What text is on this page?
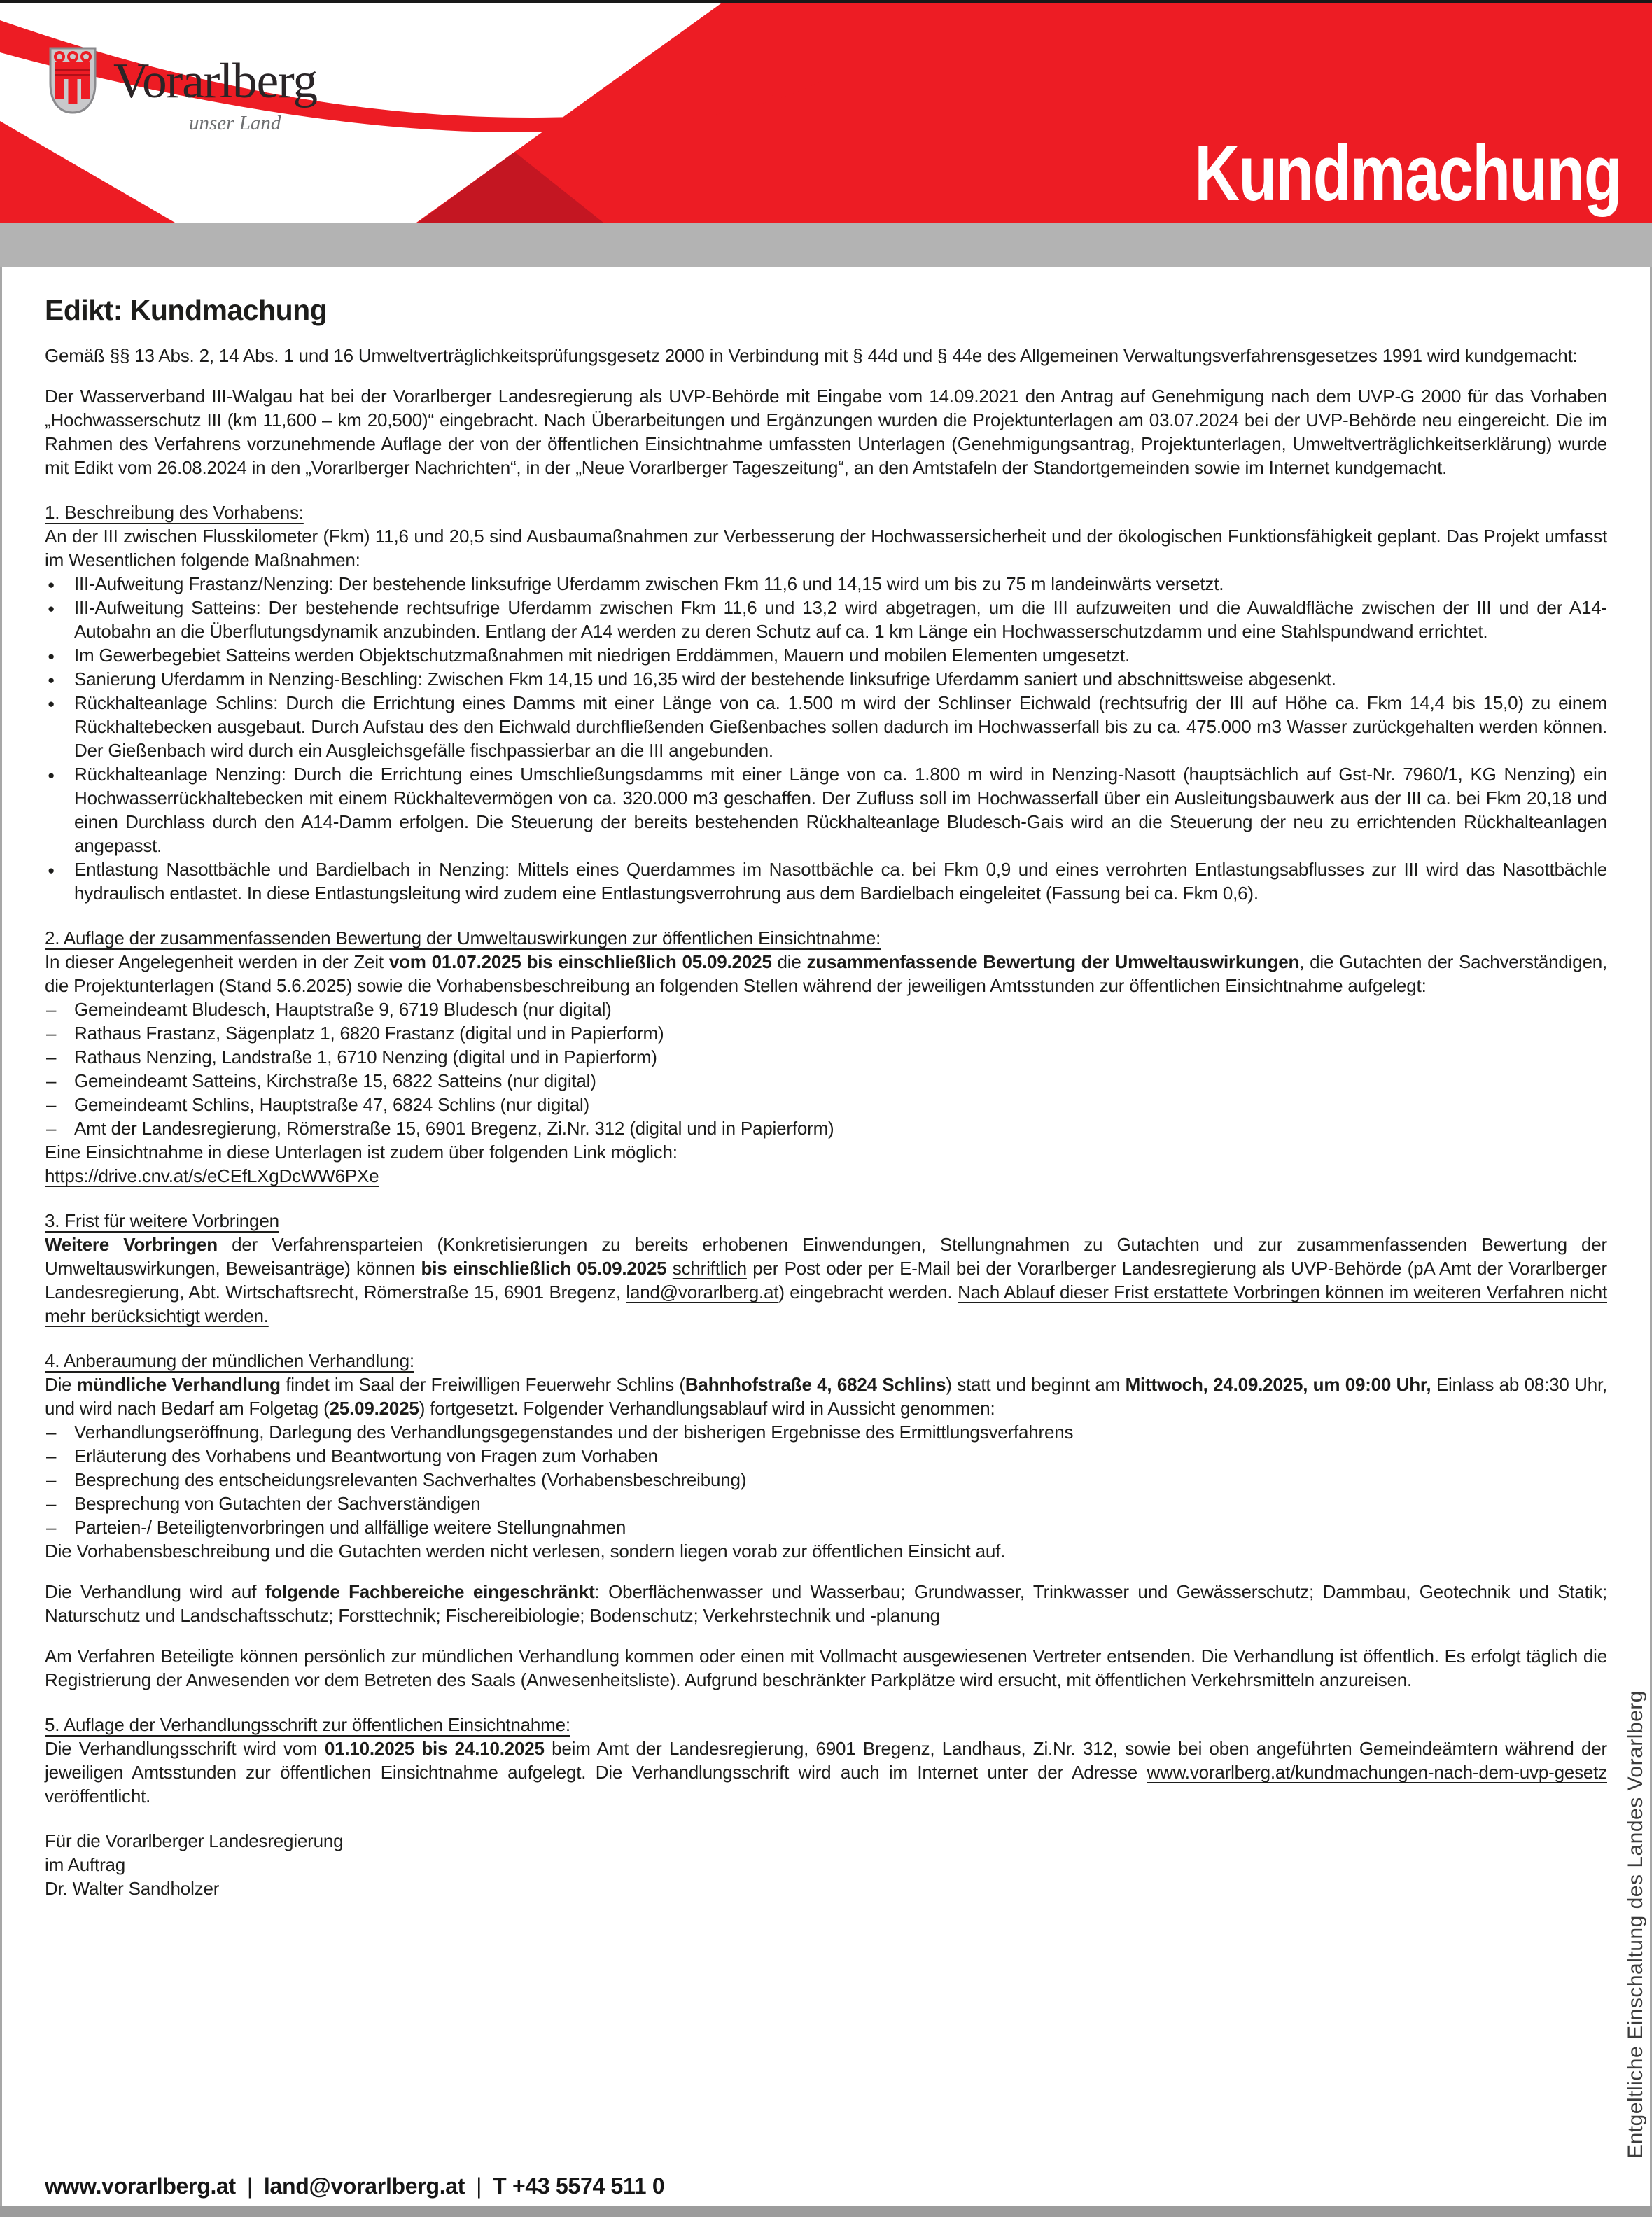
Vorarlberg
unser Land
Kundmachung
Edikt: Kundmachung

Gemäß §§ 13 Abs. 2, 14 Abs. 1 und 16 Umweltverträglichkeitsprüfungsgesetz 2000 in Verbindung mit § 44d und § 44e des Allgemeinen Verwaltungsverfahrensgesetzes 1991 wird kundgemacht:

Der Wasserverband III-Walgau hat bei der Vorarlberger Landesregierung als UVP-Behörde mit Eingabe vom 14.09.2021 den Antrag auf Genehmigung nach dem UVP-G 2000 für das Vorhaben „Hochwasserschutz III (km 11,600 – km 20,500)“ eingebracht. Nach Überarbeitungen und Ergänzungen wurden die Projektunterlagen am 03.07.2024 bei der UVP-Behörde neu eingereicht. Die im Rahmen des Verfahrens vorzunehmende Auflage der von der öffentlichen Einsichtnahme umfassten Unterlagen (Genehmigungsantrag, Projektunterlagen, Umweltverträglichkeitserklärung) wurde mit Edikt vom 26.08.2024 in den „Vorarlberger Nachrichten“, in der „Neue Vorarlberger Tageszeitung“, an den Amtstafeln der Standortgemeinden sowie im Internet kundgemacht.

1. Beschreibung des Vorhabens:

An der III zwischen Flusskilometer (Fkm) 11,6 und 20,5 sind Ausbaumaßnahmen zur Verbesserung der Hochwassersicherheit und der ökologischen Funktionsfähigkeit geplant. Das Projekt umfasst im Wesentlichen folgende Maßnahmen:

● III-Aufweitung Frastanz/Nenzing: Der bestehende linksufrige Uferdamm zwischen Fkm 11,6 und 14,15 wird um bis zu 75 m landeinwärts versetzt.
● III-Aufweitung Satteins: Der bestehende rechtsufrige Uferdamm zwischen Fkm 11,6 und 13,2 wird abgetragen, um die III aufzuweiten und die Auwaldfläche zwischen der III und der A14-Autobahn an die Überflutungsdynamik anzubinden. Entlang der A14 werden zu deren Schutz auf ca. 1 km Länge ein Hochwasserschutzdamm und eine Stahlspundwand errichtet.
● Im Gewerbegebiet Satteins werden Objektschutzmaßnahmen mit niedrigen Erddämmen, Mauern und mobilen Elementen umgesetzt.
● Sanierung Uferdamm in Nenzing-Beschling: Zwischen Fkm 14,15 und 16,35 wird der bestehende linksufrige Uferdamm saniert und abschnittsweise abgesenkt.
● Rückhalteanlage Schlins: Durch die Errichtung eines Damms mit einer Länge von ca. 1.500 m wird der Schlinser Eichwald (rechtsufrig der III auf Höhe ca. Fkm 14,4 bis 15,0) zu einem Rückhaltebecken ausgebaut. Durch Aufstau des den Eichwald durchfließenden Gießenbaches sollen dadurch im Hochwasserfall bis zu ca. 475.000 m3 Wasser zurückgehalten werden können. Der Gießenbach wird durch ein Ausgleichsgefälle fischpassierbar an die III angebunden.
● Rückhalteanlage Nenzing: Durch die Errichtung eines Umschließungsdamms mit einer Länge von ca. 1.800 m wird in Nenzing-Nasott (hauptsächlich auf Gst-Nr. 7960/1, KG Nenzing) ein Hochwasserrückhaltebecken mit einem Rückhaltevermögen von ca. 320.000 m3 geschaffen. Der Zufluss soll im Hochwasserfall über ein Ausleitungsbauwerk aus der III ca. bei Fkm 20,18 und einen Durchlass durch den A14-Damm erfolgen. Die Steuerung der bereits bestehenden Rückhalteanlage Bludesch-Gais wird an die Steuerung der neu zu errichtenden Rückhalteanlagen angepasst.
● Entlastung Nasottbächle und Bardielbach in Nenzing: Mittels eines Querdammes im Nasottbächle ca. bei Fkm 0,9 und eines verrohrten Entlastungsabflusses zur III wird das Nasottbächle hydraulisch entlastet. In diese Entlastungsleitung wird zudem eine Entlastungsverrohrung aus dem Bardielbach eingeleitet (Fassung bei ca. Fkm 0,6).
2. Auflage der zusammenfassenden Bewertung der Umweltauswirkungen zur öffentlichen Einsichtnahme:

In dieser Angelegenheit werden in der Zeit vom 01.07.2025 bis einschließlich 05.09.2025 die zusammenfassende Bewertung der Umweltauswirkungen, die Gutachten der Sachverständigen, die Projektunterlagen (Stand 5.6.2025) sowie die Vorhabensbeschreibung an folgenden Stellen während der jeweiligen Amtsstunden zur öffentlichen Einsichtnahme aufgelegt:

– Gemeindeamt Bludesch, Hauptstraße 9, 6719 Bludesch (nur digital)
– Rathaus Frastanz, Sägenplatz 1, 6820 Frastanz (digital und in Papierform)
– Rathaus Nenzing, Landstraße 1, 6710 Nenzing (digital und in Papierform)
– Gemeindeamt Satteins, Kirchstraße 15, 6822 Satteins (nur digital)
– Gemeindeamt Schlins, Hauptstraße 47, 6824 Schlins (nur digital)
– Amt der Landesregierung, Römerstraße 15, 6901 Bregenz, Zi.Nr. 312 (digital und in Papierform)

Eine Einsichtnahme in diese Unterlagen ist zudem über folgenden Link möglich:

https://drive.cnv.at/s/eCEfLXgDcWW6PXe

3. Frist für weitere Vorbringen

Weitere Vorbringen der Verfahrensparteien (Konkretisierungen zu bereits erhobenen Einwendungen, Stellungnahmen zu Gutachten und zur zusammenfassenden Bewertung der Umweltauswirkungen, Beweisanträge) können bis einschließlich 05.09.2025 schriftlich per Post oder per E-Mail bei der Vorarlberger Landesregierung als UVP-Behörde (pA Amt der Vorarlberger Landesregierung, Abt. Wirtschaftsrecht, Römerstraße 15, 6901 Bregenz, land@vorarlberg.at) eingebracht werden. Nach Ablauf dieser Frist erstattete Vorbringen können im weiteren Verfahren nicht mehr berücksichtigt werden.

4. Anberaumung der mündlichen Verhandlung:

Die mündliche Verhandlung findet im Saal der Freiwilligen Feuerwehr Schlins (Bahnhofstraße 4, 6824 Schlins) statt und beginnt am Mittwoch, 24.09.2025, um 09:00 Uhr, Einlass ab 08:30 Uhr, und wird nach Bedarf am Folgetag (25.09.2025) fortgesetzt. Folgender Verhandlungsablauf wird in Aussicht genommen:

– Verhandlungseröffnung, Darlegung des Verhandlungsgegenstandes und der bisherigen Ergebnisse des Ermittlungsverfahrens
– Erläuterung des Vorhabens und Beantwortung von Fragen zum Vorhaben
– Besprechung des entscheidungsrelevanten Sachverhaltes (Vorhabensbeschreibung)
– Besprechung von Gutachten der Sachverständigen
– Parteien-/ Beteiligtenvorbringen und allfällige weitere Stellungnahmen

Die Vorhabensbeschreibung und die Gutachten werden nicht verlesen, sondern liegen vorab zur öffentlichen Einsicht auf.

Die Verhandlung wird auf folgende Fachbereiche eingeschränkt: Oberflächenwasser und Wasserbau; Grundwasser, Trinkwasser und Gewässerschutz; Dammbau, Geotechnik und Statik; Naturschutz und Landschaftsschutz; Forsttechnik; Fischereibiologie; Bodenschutz; Verkehrstechnik und -planung

Am Verfahren Beteiligte können persönlich zur mündlichen Verhandlung kommen oder einen mit Vollmacht ausgewiesenen Vertreter entsenden. Die Verhandlung ist öffentlich. Es erfolgt täglich die Registrierung der Anwesenden vor dem Betreten des Saals (Anwesenheitsliste). Aufgrund beschränkter Parkplätze wird ersucht, mit öffentlichen Verkehrsmitteln anzureisen.

5. Auflage der Verhandlungsschrift zur öffentlichen Einsichtnahme:

Die Verhandlungsschrift wird vom 01.10.2025 bis 24.10.2025 beim Amt der Landesregierung, 6901 Bregenz, Landhaus, Zi.Nr. 312, sowie bei oben angeführten Gemeindeämtern während der jeweiligen Amtsstunden zur öffentlichen Einsichtnahme aufgelegt. Die Verhandlungsschrift wird auch im Internet unter der Adresse www.vorarlberg.at/kundmachungen-nach-dem-uvp-gesetz veröffentlicht.

Für die Vorarlberger Landesregierung
im Auftrag
Dr. Walter Sandholzer
www.vorarlberg.at | land@vorarlberg.at | T +43 5574 511 0
Entgeltliche Einschaltung des Landes Vorarlberg
